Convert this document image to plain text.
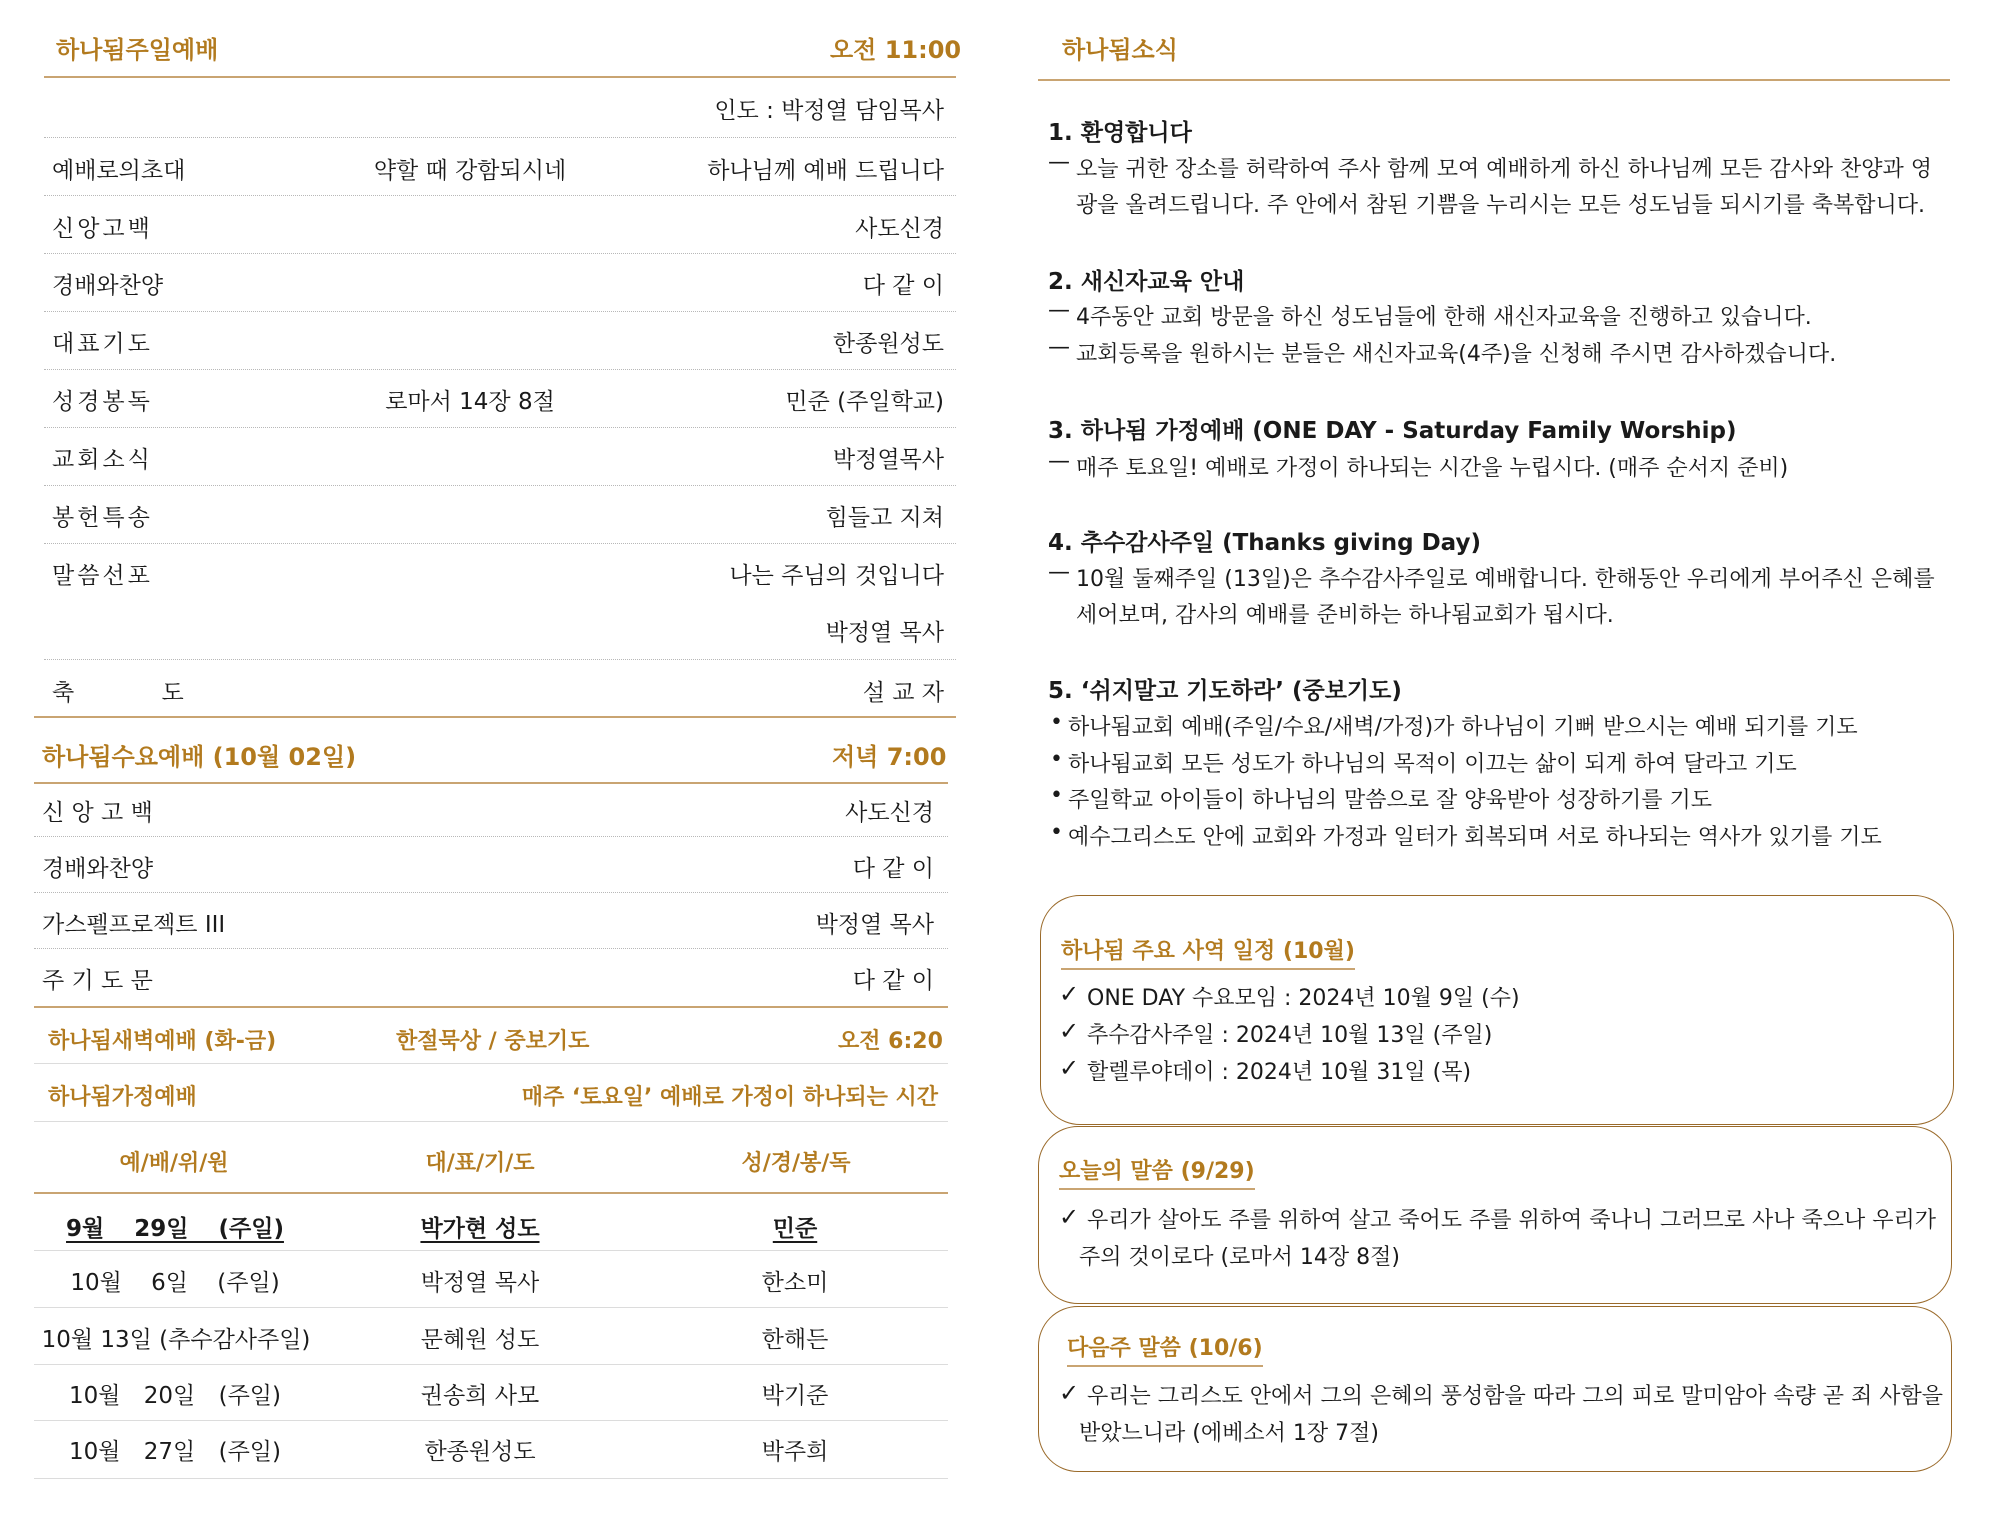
하나됨주일예배	오전 11:00
인도 : 박정열 담임목사
예배로의초대	약할 때 강함되시네	하나님께 예배 드립니다
신앙고백	사도신경
경배와찬양	다 같 이
대표기도	한종원성도
성경봉독	로마서 14장 8절	민준 (주일학교)
교회소식	박정열목사
봉헌특송	힘들고 지쳐
말씀선포	나는 주님의 것입니다
박정열 목사
축 도	설 교 자
하나됨수요예배 (10월 02일)	저녁 7:00
신 앙 고 백	사도신경
경배와찬양	다 같 이
가스펠프로젝트 III	박정열 목사
주 기 도 문	다 같 이
하나됨새벽예배 (화-금)	한절묵상 / 중보기도	오전 6:20
하나됨가정예배	매주 ‘토요일’ 예배로 가정이 하나되는 시간
예/배/위/원	대/표/기/도	성/경/봉/독
9월 29일 (주일)	박가현 성도	민준
10월 6일 (주일)	박정열 목사	한소미
10월 13일 (추수감사주일)	문혜원 성도	한해든
10월 20일 (주일)	권송희 사모	박기준
10월 27일 (주일)	한종원성도	박주희
하나됨소식
1. 환영합니다
— 오늘 귀한 장소를 허락하여 주사 함께 모여 예배하게 하신 하나님께 모든 감사와 찬양과 영
광을 올려드립니다. 주 안에서 참된 기쁨을 누리시는 모든 성도님들 되시기를 축복합니다.
2. 새신자교육 안내
— 4주동안 교회 방문을 하신 성도님들에 한해 새신자교육을 진행하고 있습니다.
— 교회등록을 원하시는 분들은 새신자교육(4주)을 신청해 주시면 감사하겠습니다.
3. 하나됨 가정예배 (ONE DAY - Saturday Family Worship)
— 매주 토요일! 예배로 가정이 하나되는 시간을 누립시다. (매주 순서지 준비)
4. 추수감사주일 (Thanks giving Day)
— 10월 둘째주일 (13일)은 추수감사주일로 예배합니다. 한해동안 우리에게 부어주신 은혜를
세어보며, 감사의 예배를 준비하는 하나됨교회가 됩시다.
5. ‘쉬지말고 기도하라’ (중보기도)
• 하나됨교회 예배(주일/수요/새벽/가정)가 하나님이 기뻐 받으시는 예배 되기를 기도
• 하나됨교회 모든 성도가 하나님의 목적이 이끄는 삶이 되게 하여 달라고 기도
• 주일학교 아이들이 하나님의 말씀으로 잘 양육받아 성장하기를 기도
• 예수그리스도 안에 교회와 가정과 일터가 회복되며 서로 하나되는 역사가 있기를 기도
하나됨 주요 사역 일정 (10월)
✓ ONE DAY 수요모임 : 2024년 10월 9일 (수)
✓ 추수감사주일 : 2024년 10월 13일 (주일)
✓ 할렐루야데이 : 2024년 10월 31일 (목)
오늘의 말씀 (9/29)
✓ 우리가 살아도 주를 위하여 살고 죽어도 주를 위하여 죽나니 그러므로 사나 죽으나 우리가
주의 것이로다 (로마서 14장 8절)
다음주 말씀 (10/6)
✓ 우리는 그리스도 안에서 그의 은혜의 풍성함을 따라 그의 피로 말미암아 속량 곧 죄 사함을
받았느니라 (에베소서 1장 7절)
